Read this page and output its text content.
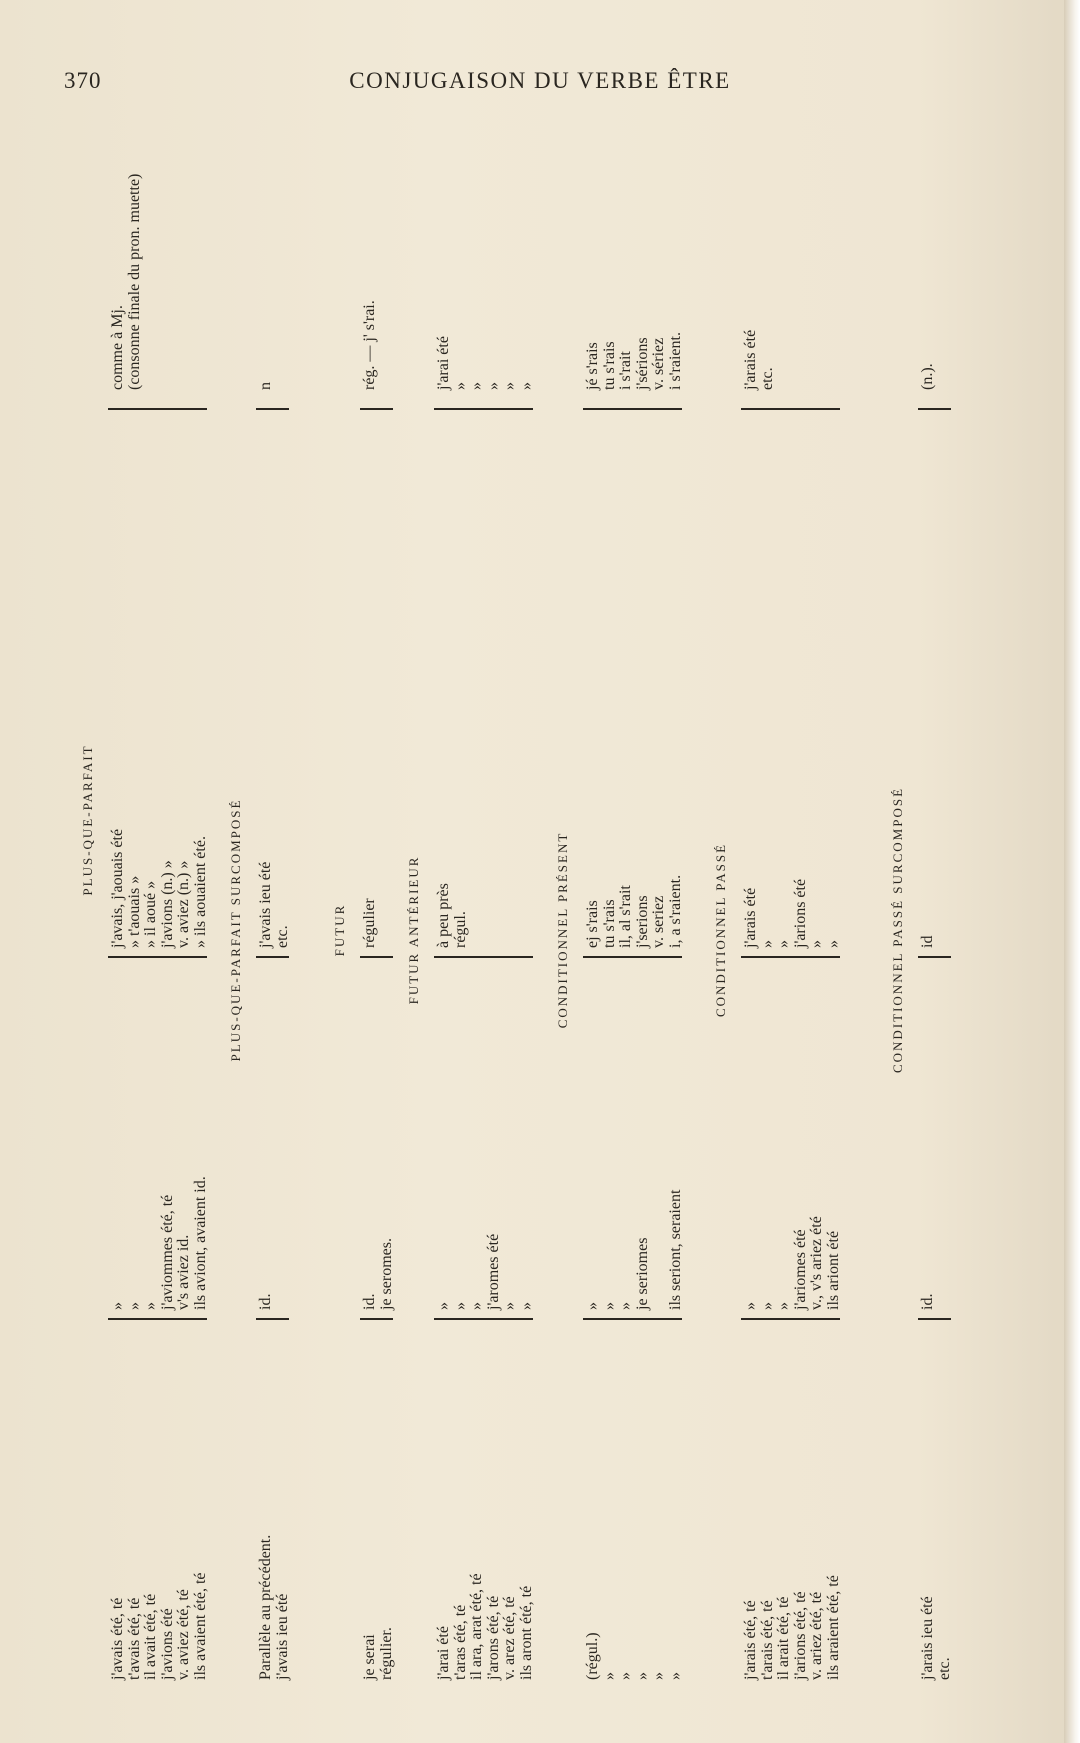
370	CONJUGAISON DU VERBE ÊTRE
PLUS-QUE-PARFAIT
j'avais été, té t'avais été, té il avait été, té j'avions été v. aviez été, té ils avaient été, té
» » » j'aviommes été, té v's aviez id. ils aviont, avaient id.
j'avais, j'aouais été » t'aouais » » il aoué » j'avions (n.) » v. aviez (n.) » » ils aouaient été.
comme à Mj. (consonne finale du pron. muette)
PLUS-QUE-PARFAIT SURCOMPOSÉ
Parallèle au précédent. j'avais ieu été
id.
j'avais ieu été etc.
n
FUTUR
je serai régulier.
id. je seromes.
régulier
rég. — j' s'rai.
FUTUR ANTÉRIEUR
j'arai été t'aras été, té il ara, arat été, té j'arons été, té v. arez été, té ils aront été, té
» » » j'aromes été » »
à peu près régul.
j'arai été » » » » »
CONDITIONNEL PRÉSENT
(régul.) » » » » »
» » » je seriomes
ils seriont, seraient
ej s'rais tu s'rais il, al s'rait j'serions v. seriez i, a s'raient.
jé s'rais tu s'rais i s'rait j'sérions v. sériez i s'raient.
CONDITIONNEL PASSÉ
j'arais été, té t'arais été, té il arait été, té j'arions été, té v. ariez été, té ils araient été, té
» » » j'ariomes été v., v's ariez été ils ariont été
j'arais été » » j'arions été » »
j'arais été etc.
CONDITIONNEL PASSÉ SURCOMPOSÉ
j'arais ieu été etc.
id.
id
(n.).
